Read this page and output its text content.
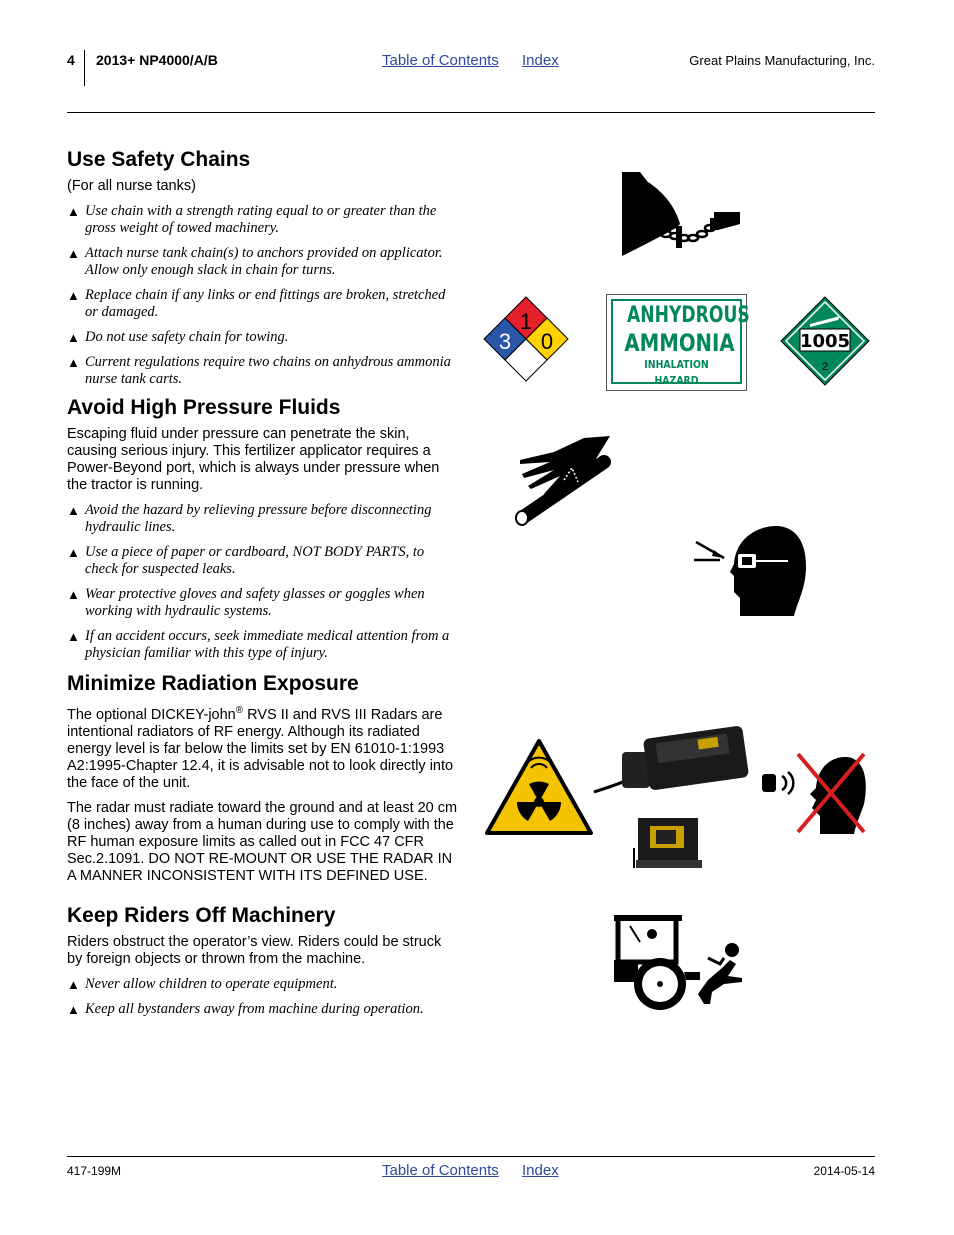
4 2013+ NP4000/A/B	Table of Contents Index	Great Plains Manufacturing, Inc.
Use Safety Chains
(For all nurse tanks)
▲ Use chain with a strength rating equal to or greater than the gross weight of towed machinery.
▲ Attach nurse tank chain(s) to anchors provided on applicator. Allow only enough slack in chain for turns.
▲ Replace chain if any links or end fittings are broken, stretched or damaged.
▲ Do not use safety chain for towing.
▲ Current regulations require two chains on anhydrous ammonia nurse tank carts.
Avoid High Pressure Fluids

Escaping fluid under pressure can penetrate the skin, causing serious injury. This fertilizer applicator requires a Power-Beyond port, which is always under pressure when the tractor is running.

▲ Avoid the hazard by relieving pressure before disconnecting hydraulic lines.
▲ Use a piece of paper or cardboard, NOT BODY PARTS, to check for suspected leaks.
▲ Wear protective gloves and safety glasses or goggles when working with hydraulic systems.
▲ If an accident occurs, seek immediate medical attention from a physician familiar with this type of injury.
Minimize Radiation Exposure

The optional DICKEY-john® RVS II and RVS III Radars are intentional radiators of RF energy. Although its radiated energy level is far below the limits set by EN 61010-1:1993 A2:1995-Chapter 12.4, it is advisable not to look directly into the face of the unit.

The radar must radiate toward the ground and at least 20 cm (8 inches) away from a human during use to comply with the RF human exposure limits as called out in FCC 47 CFR Sec.2.1091. DO NOT RE-MOUNT OR USE THE RADAR IN A MANNER INCONSISTENT WITH ITS DEFINED USE.

Keep Riders Off Machinery

Riders obstruct the operator’s view. Riders could be struck by foreign objects or thrown from the machine.

▲ Never allow children to operate equipment.
▲ Keep all bystanders away from machine during operation.
1
3 0
ANHYDROUS
AMMONIA
INHALATION HAZARD
1005
2
417-199M	Table of Contents Index	2014-05-14
